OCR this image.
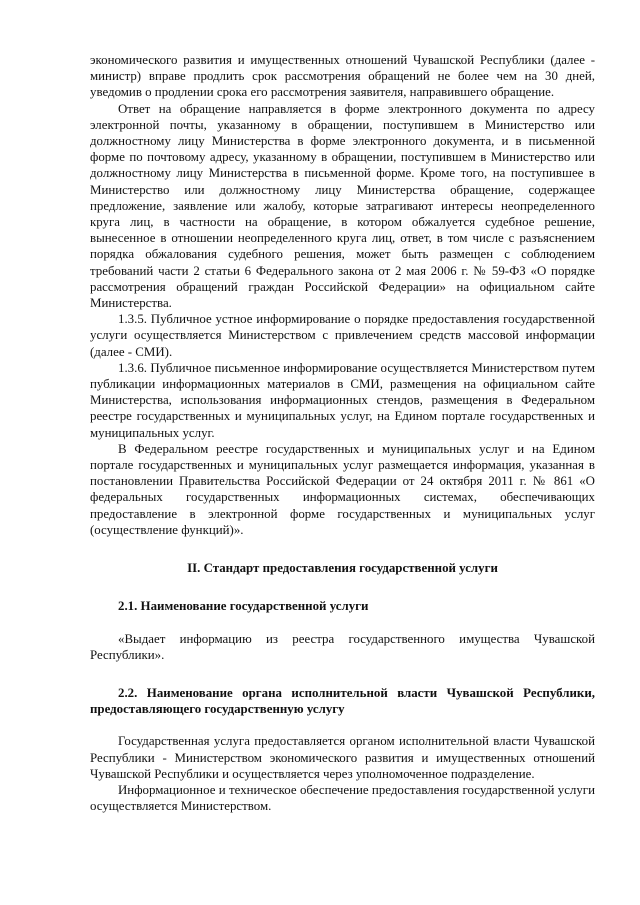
экономического развития и имущественных отношений Чувашской Республики (далее - министр) вправе продлить срок рассмотрения обращений не более чем на 30 дней, уведомив о продлении срока его рассмотрения заявителя, направившего обращение.

Ответ на обращение направляется в форме электронного документа по адресу электронной почты, указанному в обращении, поступившем в Министерство или должностному лицу Министерства в форме электронного документа, и в письменной форме по почтовому адресу, указанному в обращении, поступившем в Министерство или должностному лицу Министерства в письменной форме. Кроме того, на поступившее в Министерство или должностному лицу Министерства обращение, содержащее предложение, заявление или жалобу, которые затрагивают интересы неопределенного круга лиц, в частности на обращение, в котором обжалуется судебное решение, вынесенное в отношении неопределенного круга лиц, ответ, в том числе с разъяснением порядка обжалования судебного решения, может быть размещен с соблюдением требований части 2 статьи 6 Федерального закона от 2 мая 2006 г. № 59-ФЗ «О порядке рассмотрения обращений граждан Российской Федерации» на официальном сайте Министерства.

1.3.5. Публичное устное информирование о порядке предоставления государственной услуги осуществляется Министерством с привлечением средств массовой информации (далее - СМИ).

1.3.6. Публичное письменное информирование осуществляется Министерством путем публикации информационных материалов в СМИ, размещения на официальном сайте Министерства, использования информационных стендов, размещения в Федеральном реестре государственных и муниципальных услуг, на Едином портале государственных и муниципальных услуг.

В Федеральном реестре государственных и муниципальных услуг и на Едином портале государственных и муниципальных услуг размещается информация, указанная в постановлении Правительства Российской Федерации от 24 октября 2011 г. № 861 «О федеральных государственных информационных системах, обеспечивающих предоставление в электронной форме государственных и муниципальных услуг (осуществление функций)».

II. Стандарт предоставления государственной услуги

2.1. Наименование государственной услуги

«Выдает информацию из реестра государственного имущества Чувашской Республики».

2.2. Наименование органа исполнительной власти Чувашской Республики, предоставляющего государственную услугу

Государственная услуга предоставляется органом исполнительной власти Чувашской Республики - Министерством экономического развития и имущественных отношений Чувашской Республики и осуществляется через уполномоченное подразделение.

Информационное и техническое обеспечение предоставления государственной услуги осуществляется Министерством.
